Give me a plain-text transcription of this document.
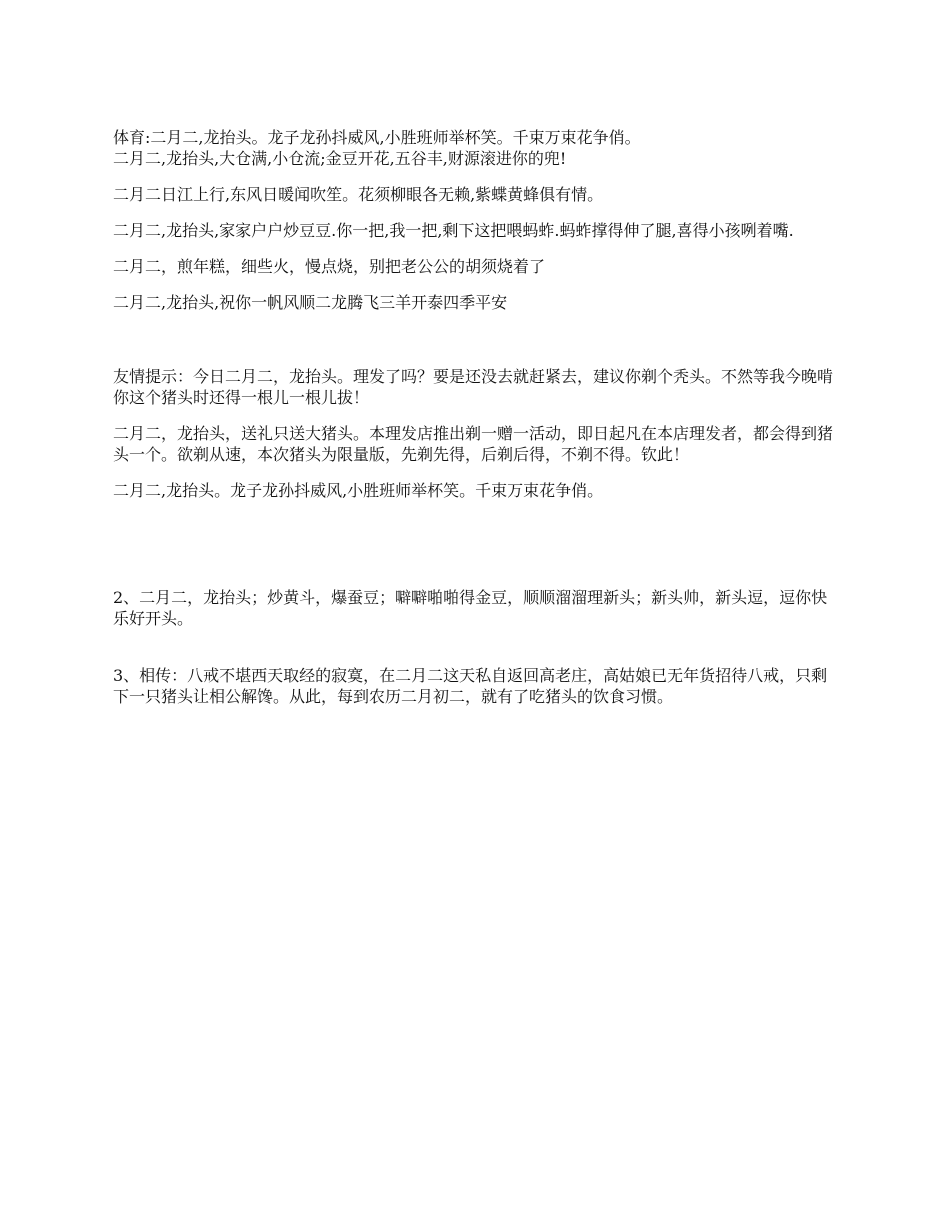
体育:二月二,龙抬头。龙子龙孙抖威风,小胜班师举杯笑。千束万束花争俏。

二月二,龙抬头,大仓满,小仓流;金豆开花,五谷丰,财源滚进你的兜!

二月二日江上行,东风日暖闻吹笙。花须柳眼各无赖,紫蝶黄蜂俱有情。

二月二,龙抬头,家家户户炒豆豆.你一把,我一把,剩下这把喂蚂蚱.蚂蚱撑得伸了腿,喜得小孩咧着嘴.

二月二，煎年糕，细些火，慢点烧，别把老公公的胡须烧着了

二月二,龙抬头,祝你一帆风顺二龙腾飞三羊开泰四季平安

友情提示：今日二月二，龙抬头。理发了吗？要是还没去就赶紧去，建议你剃个秃头。不然等我今晚啃你这个猪头时还得一根儿一根儿拔！

二月二，龙抬头，送礼只送大猪头。本理发店推出剃一赠一活动，即日起凡在本店理发者，都会得到猪头一个。欲剃从速，本次猪头为限量版，先剃先得，后剃后得，不剃不得。钦此！

二月二,龙抬头。龙子龙孙抖威风,小胜班师举杯笑。千束万束花争俏。

2、二月二，龙抬头；炒黄斗，爆蚕豆；噼噼啪啪得金豆，顺顺溜溜理新头；新头帅，新头逗，逗你快乐好开头。

3、相传：八戒不堪西天取经的寂寞，在二月二这天私自返回高老庄，高姑娘已无年货招待八戒，只剩下一只猪头让相公解馋。从此，每到农历二月初二，就有了吃猪头的饮食习惯。
